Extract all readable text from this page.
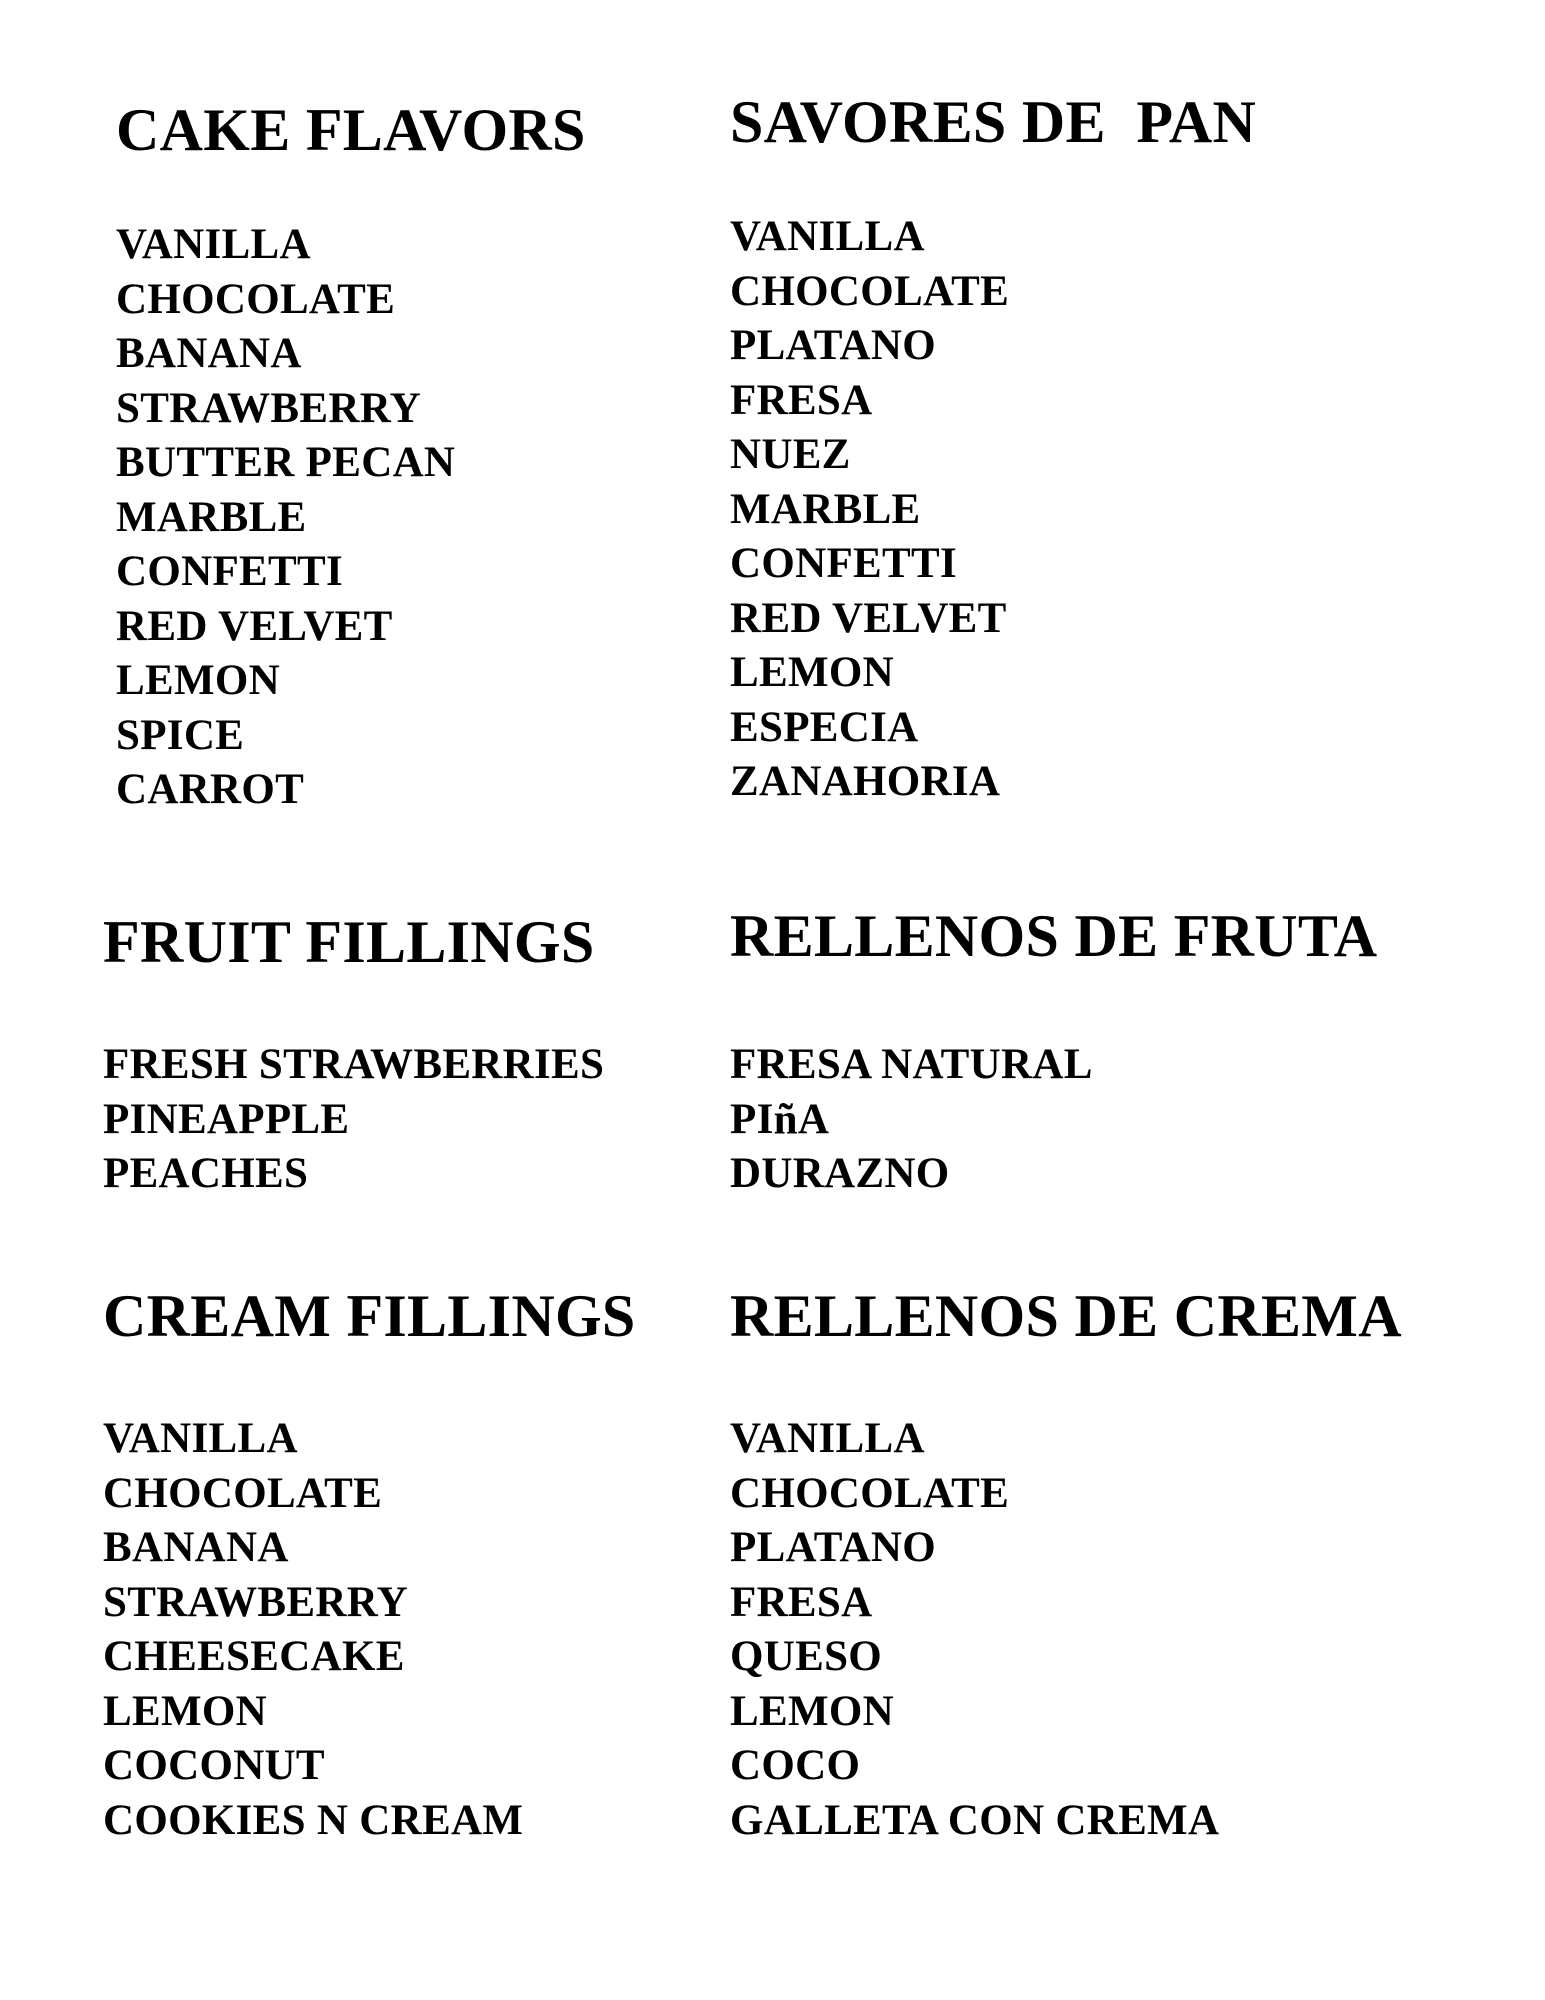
CAKE FLAVORS
VANILLA
CHOCOLATE
BANANA
STRAWBERRY
BUTTER PECAN
MARBLE
CONFETTI
RED VELVET
LEMON
SPICE
CARROT
SAVORES DE  PAN
VANILLA
CHOCOLATE
PLATANO
FRESA
NUEZ
MARBLE
CONFETTI
RED VELVET
LEMON
ESPECIA
ZANAHORIA
FRUIT FILLINGS
FRESH STRAWBERRIES
PINEAPPLE
PEACHES
RELLENOS DE FRUTA
FRESA NATURAL
PIñA
DURAZNO
CREAM FILLINGS
VANILLA
CHOCOLATE
BANANA
STRAWBERRY
CHEESECAKE
LEMON
COCONUT
COOKIES N CREAM
RELLENOS DE CREMA
VANILLA
CHOCOLATE
PLATANO
FRESA
QUESO
LEMON
COCO
GALLETA CON CREMA
